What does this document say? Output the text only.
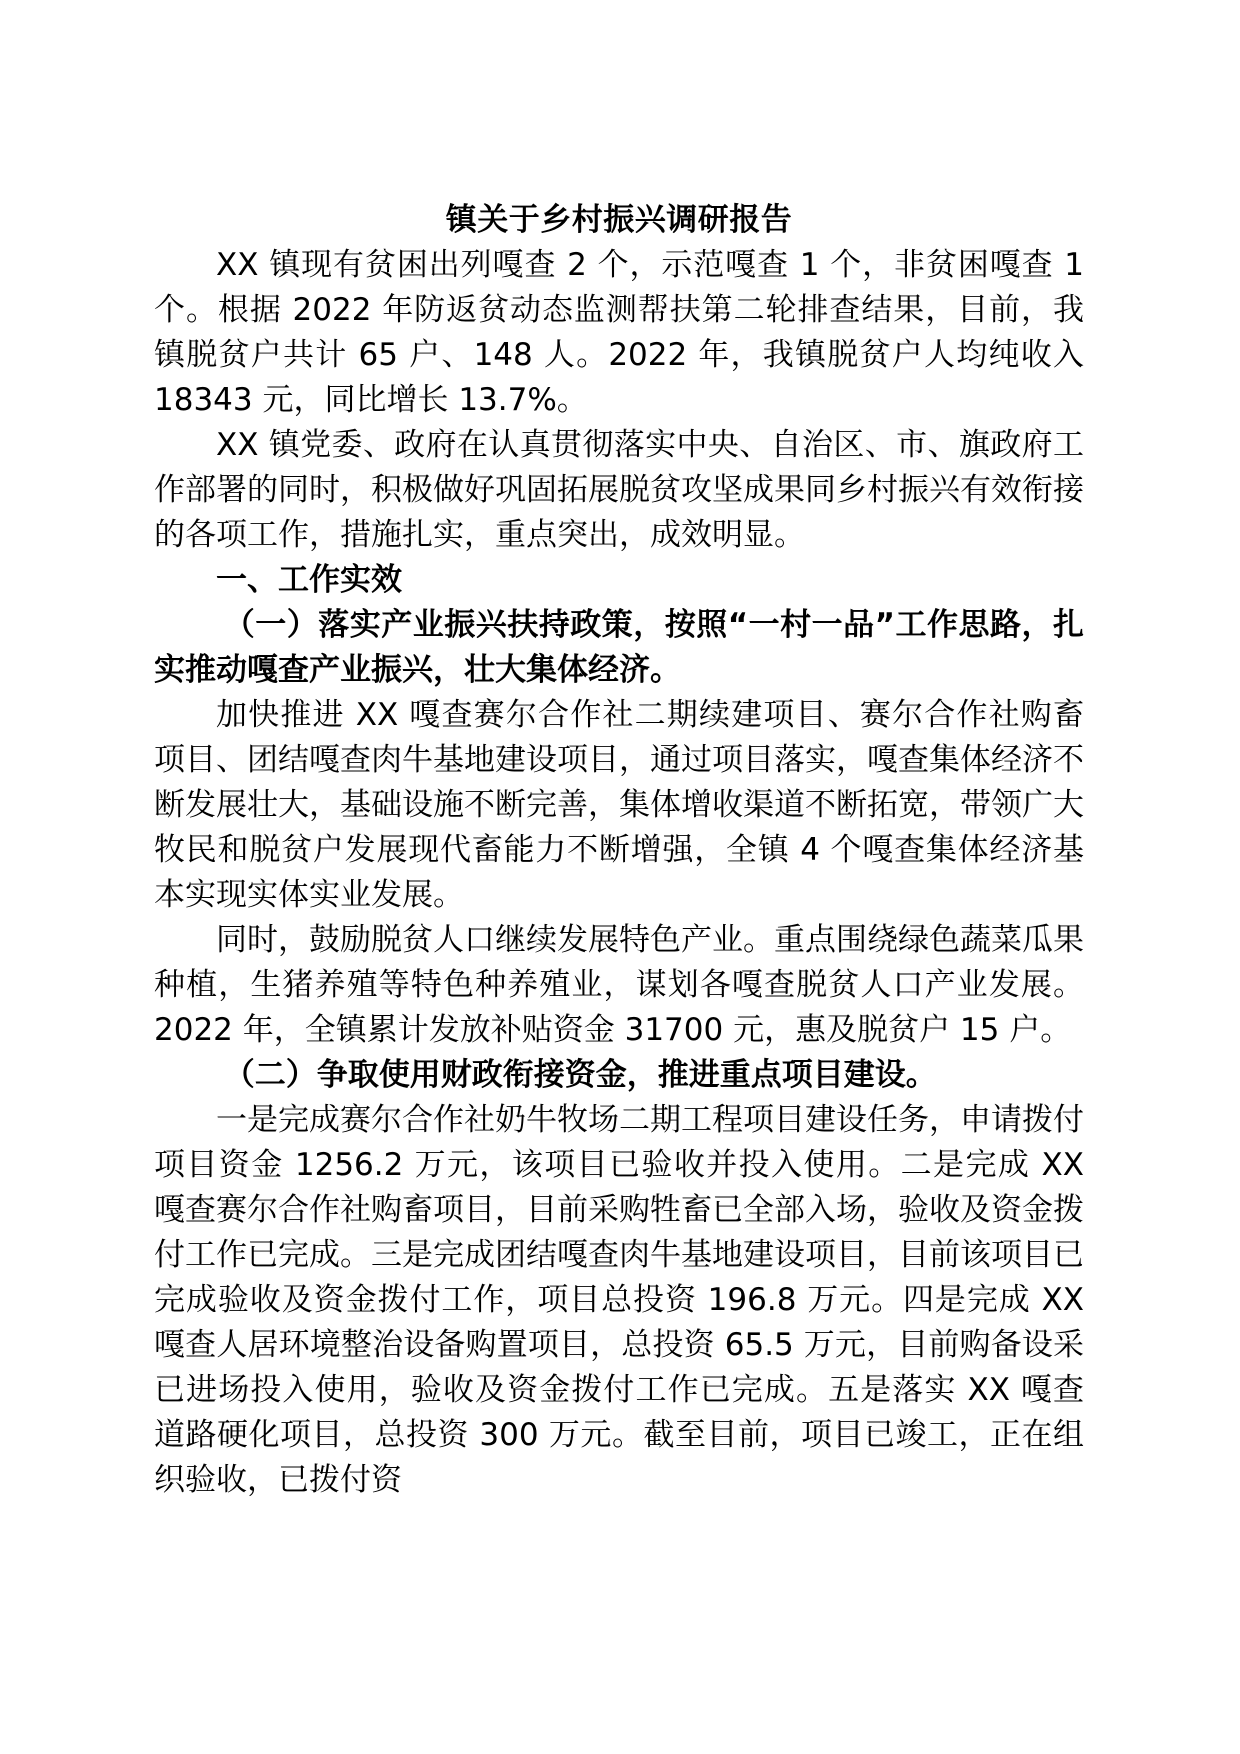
镇关于乡村振兴调研报告

XX 镇现有贫困出列嘎查 2 个，示范嘎查 1 个，非贫困嘎查 1 个。根据 2022 年防返贫动态监测帮扶第二轮排查结果，目前，我镇脱贫户共计 65 户、148 人。2022 年，我镇脱贫户人均纯收入 18343 元，同比增长 13.7%。

XX 镇党委、政府在认真贯彻落实中央、自治区、市、旗政府工作部署的同时，积极做好巩固拓展脱贫攻坚成果同乡村振兴有效衔接的各项工作，措施扎实，重点突出，成效明显。

一、工作实效

（一）落实产业振兴扶持政策，按照“一村一品”工作思路，扎实推动嘎查产业振兴，壮大集体经济。

加快推进 XX 嘎查赛尔合作社二期续建项目、赛尔合作社购畜项目、团结嘎查肉牛基地建设项目，通过项目落实，嘎查集体经济不断发展壮大，基础设施不断完善，集体增收渠道不断拓宽，带领广大牧民和脱贫户发展现代畜能力不断增强，全镇 4 个嘎查集体经济基本实现实体实业发展。

同时，鼓励脱贫人口继续发展特色产业。重点围绕绿色蔬菜瓜果种植，生猪养殖等特色种养殖业，谋划各嘎查脱贫人口产业发展。2022 年，全镇累计发放补贴资金 31700 元，惠及脱贫户 15 户。

（二）争取使用财政衔接资金，推进重点项目建设。

一是完成赛尔合作社奶牛牧场二期工程项目建设任务，申请拨付项目资金 1256.2 万元，该项目已验收并投入使用。二是完成 XX 嘎查赛尔合作社购畜项目，目前采购牲畜已全部入场，验收及资金拨付工作已完成。三是完成团结嘎查肉牛基地建设项目，目前该项目已完成验收及资金拨付工作，项目总投资 196.8 万元。四是完成 XX 嘎查人居环境整治设备购置项目，总投资 65.5 万元，目前购备设采已进场投入使用，验收及资金拨付工作已完成。五是落实 XX 嘎查道路硬化项目，总投资 300 万元。截至目前，项目已竣工，正在组织验收，已拨付资
